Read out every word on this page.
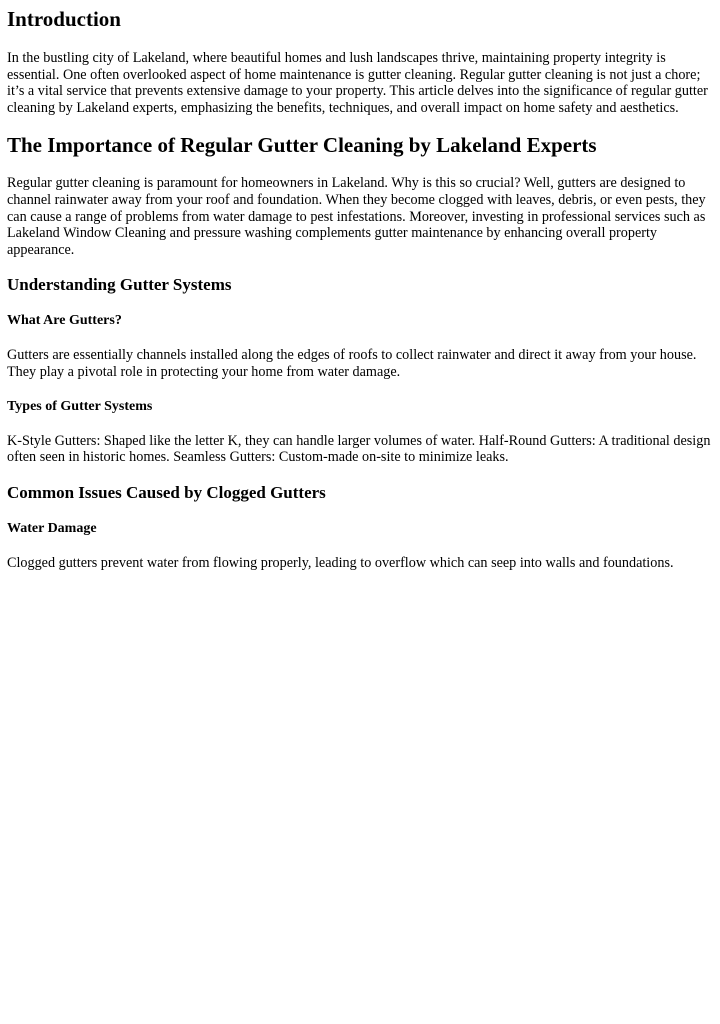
Introduction

In the bustling city of Lakeland, where beautiful homes and lush landscapes thrive, maintaining property integrity is essential. One often overlooked aspect of home maintenance is gutter cleaning. Regular gutter cleaning is not just a chore; it’s a vital service that prevents extensive damage to your property. This article delves into the significance of regular gutter cleaning by Lakeland experts, emphasizing the benefits, techniques, and overall impact on home safety and aesthetics.

The Importance of Regular Gutter Cleaning by Lakeland Experts

Regular gutter cleaning is paramount for homeowners in Lakeland. Why is this so crucial? Well, gutters are designed to channel rainwater away from your roof and foundation. When they become clogged with leaves, debris, or even pests, they can cause a range of problems from water damage to pest infestations. Moreover, investing in professional services such as Lakeland Window Cleaning and pressure washing complements gutter maintenance by enhancing overall property appearance.

Understanding Gutter Systems
What Are Gutters?

Gutters are essentially channels installed along the edges of roofs to collect rainwater and direct it away from your house. They play a pivotal role in protecting your home from water damage.

Types of Gutter Systems

K-Style Gutters: Shaped like the letter K, they can handle larger volumes of water. Half-Round Gutters: A traditional design often seen in historic homes. Seamless Gutters: Custom-made on-site to minimize leaks.

Common Issues Caused by Clogged Gutters
Water Damage

Clogged gutters prevent water from flowing properly, leading to overflow which can seep into walls and foundations.
